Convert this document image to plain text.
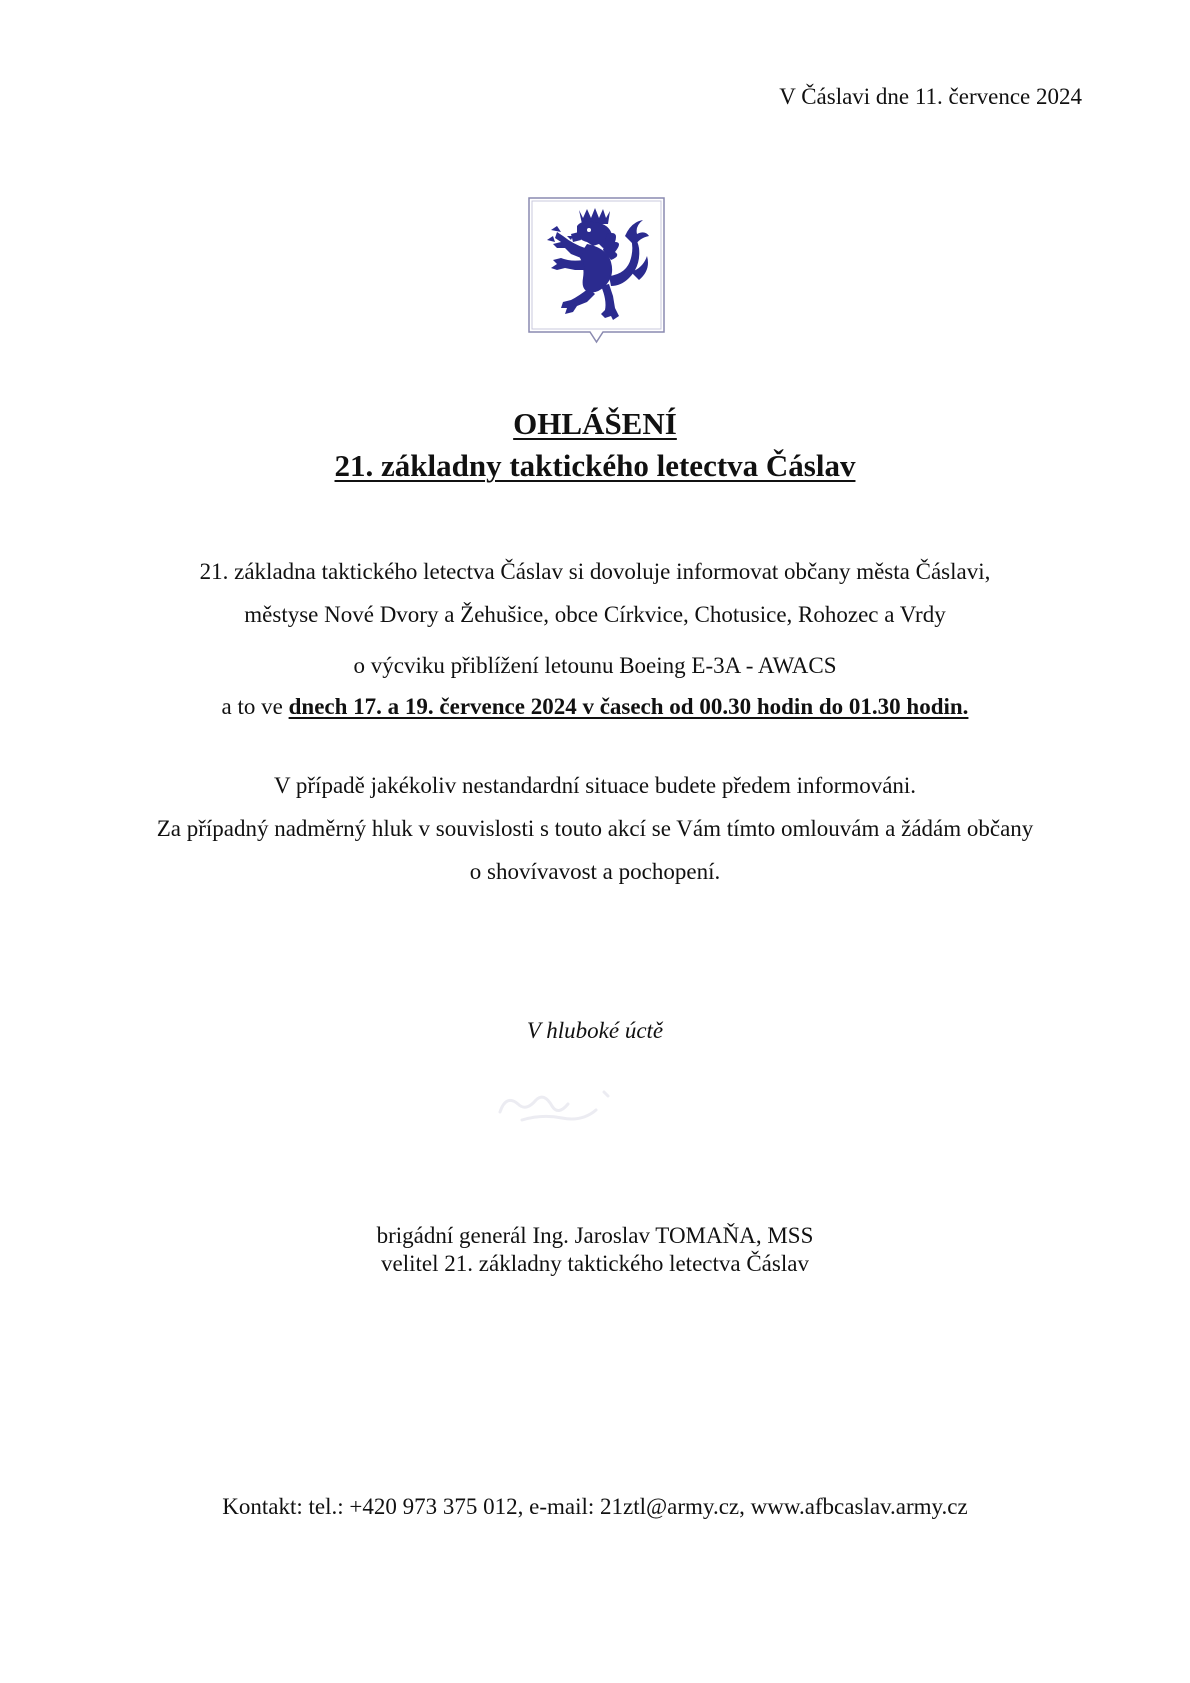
V Čáslavi dne 11. července 2024

OHLÁŠENÍ
21. základny taktického letectva Čáslav

21. základna taktického letectva Čáslav si dovoluje informovat občany města Čáslavi,
městyse Nové Dvory a Žehušice, obce Církvice, Chotusice, Rohozec a Vrdy

o výcviku přiblížení letounu Boeing E-3A - AWACS
a to ve dnech 17. a 19. července 2024 v časech od 00.30 hodin do 01.30 hodin.

V případě jakékoliv nestandardní situace budete předem informováni.
Za případný nadměrný hluk v souvislosti s touto akcí se Vám tímto omlouvám a žádám občany
o shovívavost a pochopení.

V hluboké úctě

brigádní generál Ing. Jaroslav TOMAŇA, MSS
velitel 21. základny taktického letectva Čáslav

Kontakt: tel.: +420 973 375 012, e-mail: 21ztl@army.cz, www.afbcaslav.army.cz
